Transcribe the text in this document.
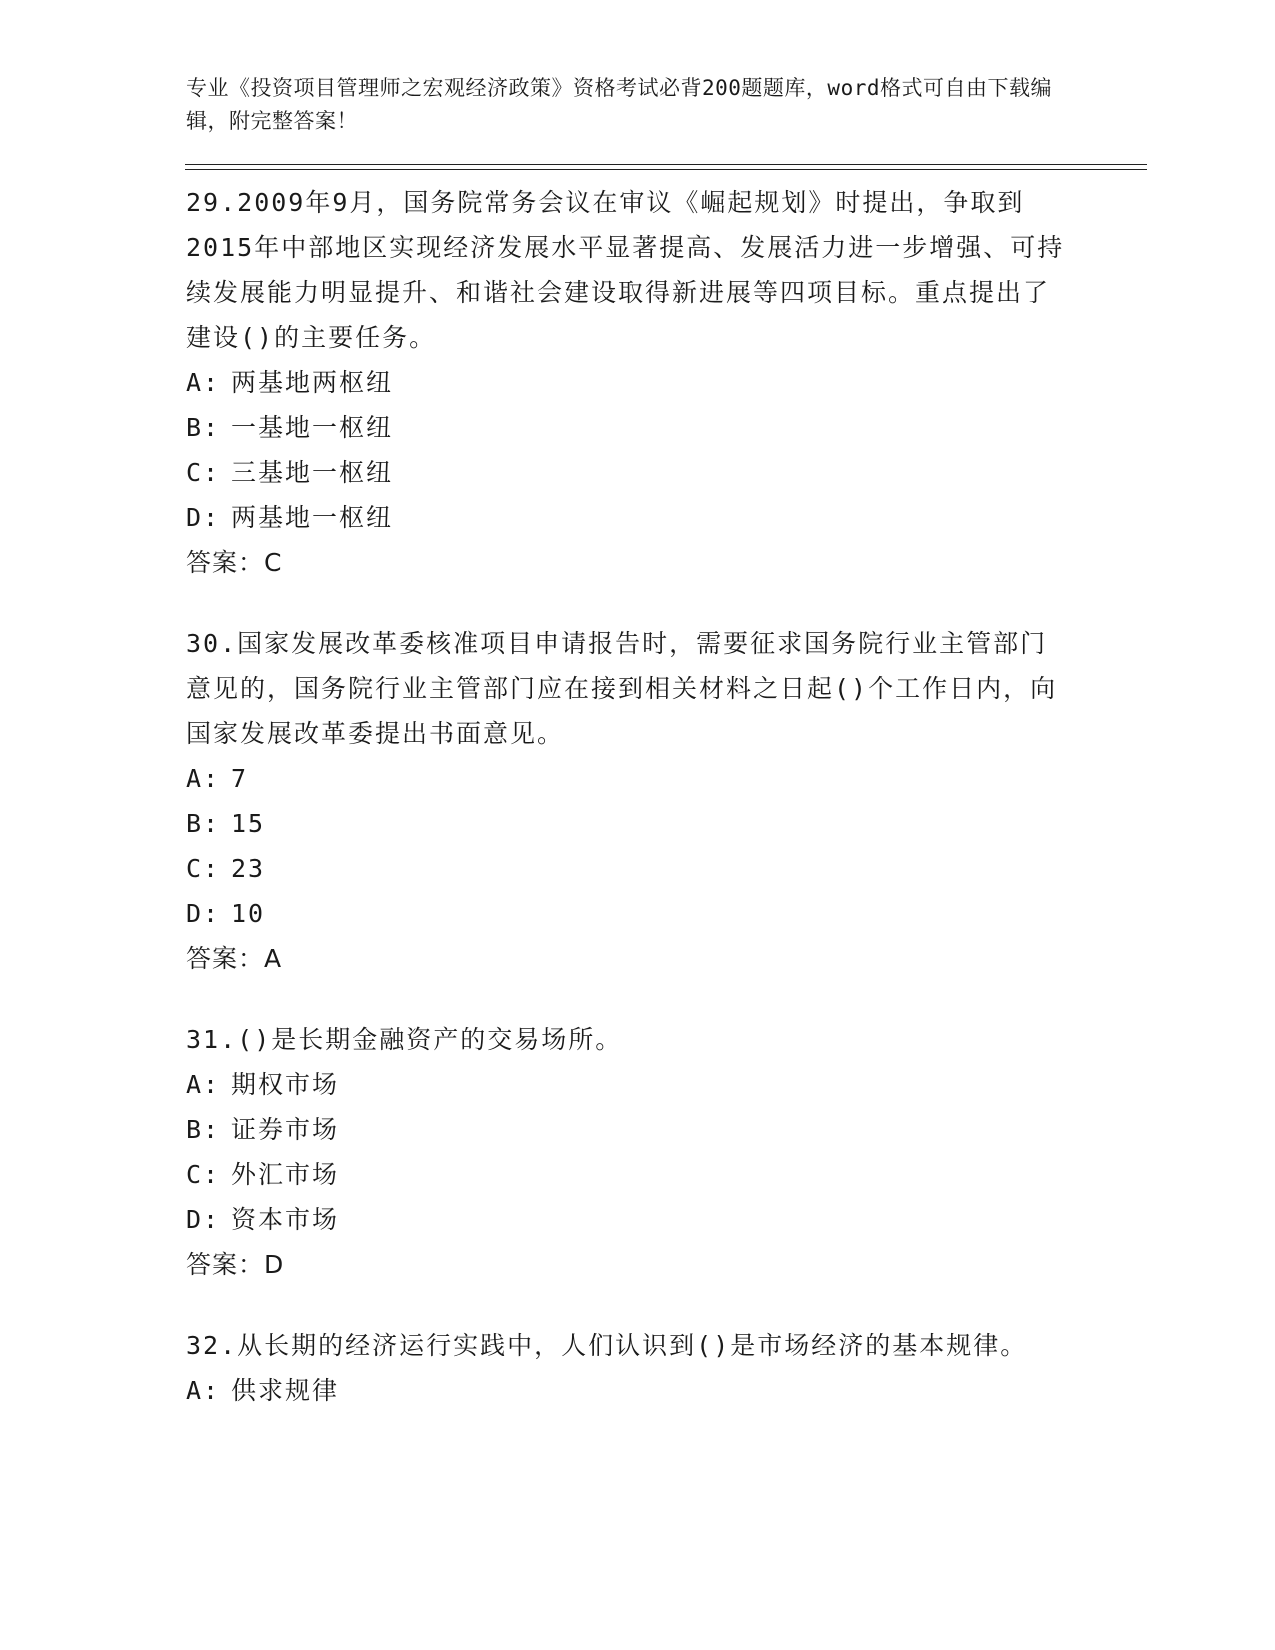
专业《投资项目管理师之宏观经济政策》资格考试必背200题题库，word格式可自由下载编辑，附完整答案！

29.2009年9月，国务院常务会议在审议《崛起规划》时提出，争取到2015年中部地区实现经济发展水平显著提高、发展活力进一步增强、可持续发展能力明显提升、和谐社会建设取得新进展等四项目标。重点提出了建设()的主要任务。

A: 两基地两枢纽
B: 一基地一枢纽
C: 三基地一枢纽
D: 两基地一枢纽
答案：C

30.国家发展改革委核准项目申请报告时，需要征求国务院行业主管部门意见的，国务院行业主管部门应在接到相关材料之日起()个工作日内，向国家发展改革委提出书面意见。

A: 7
B: 15
C: 23
D: 10
答案：A

31.()是长期金融资产的交易场所。

A: 期权市场
B: 证券市场
C: 外汇市场
D: 资本市场
答案：D

32.从长期的经济运行实践中，人们认识到()是市场经济的基本规律。

A: 供求规律
